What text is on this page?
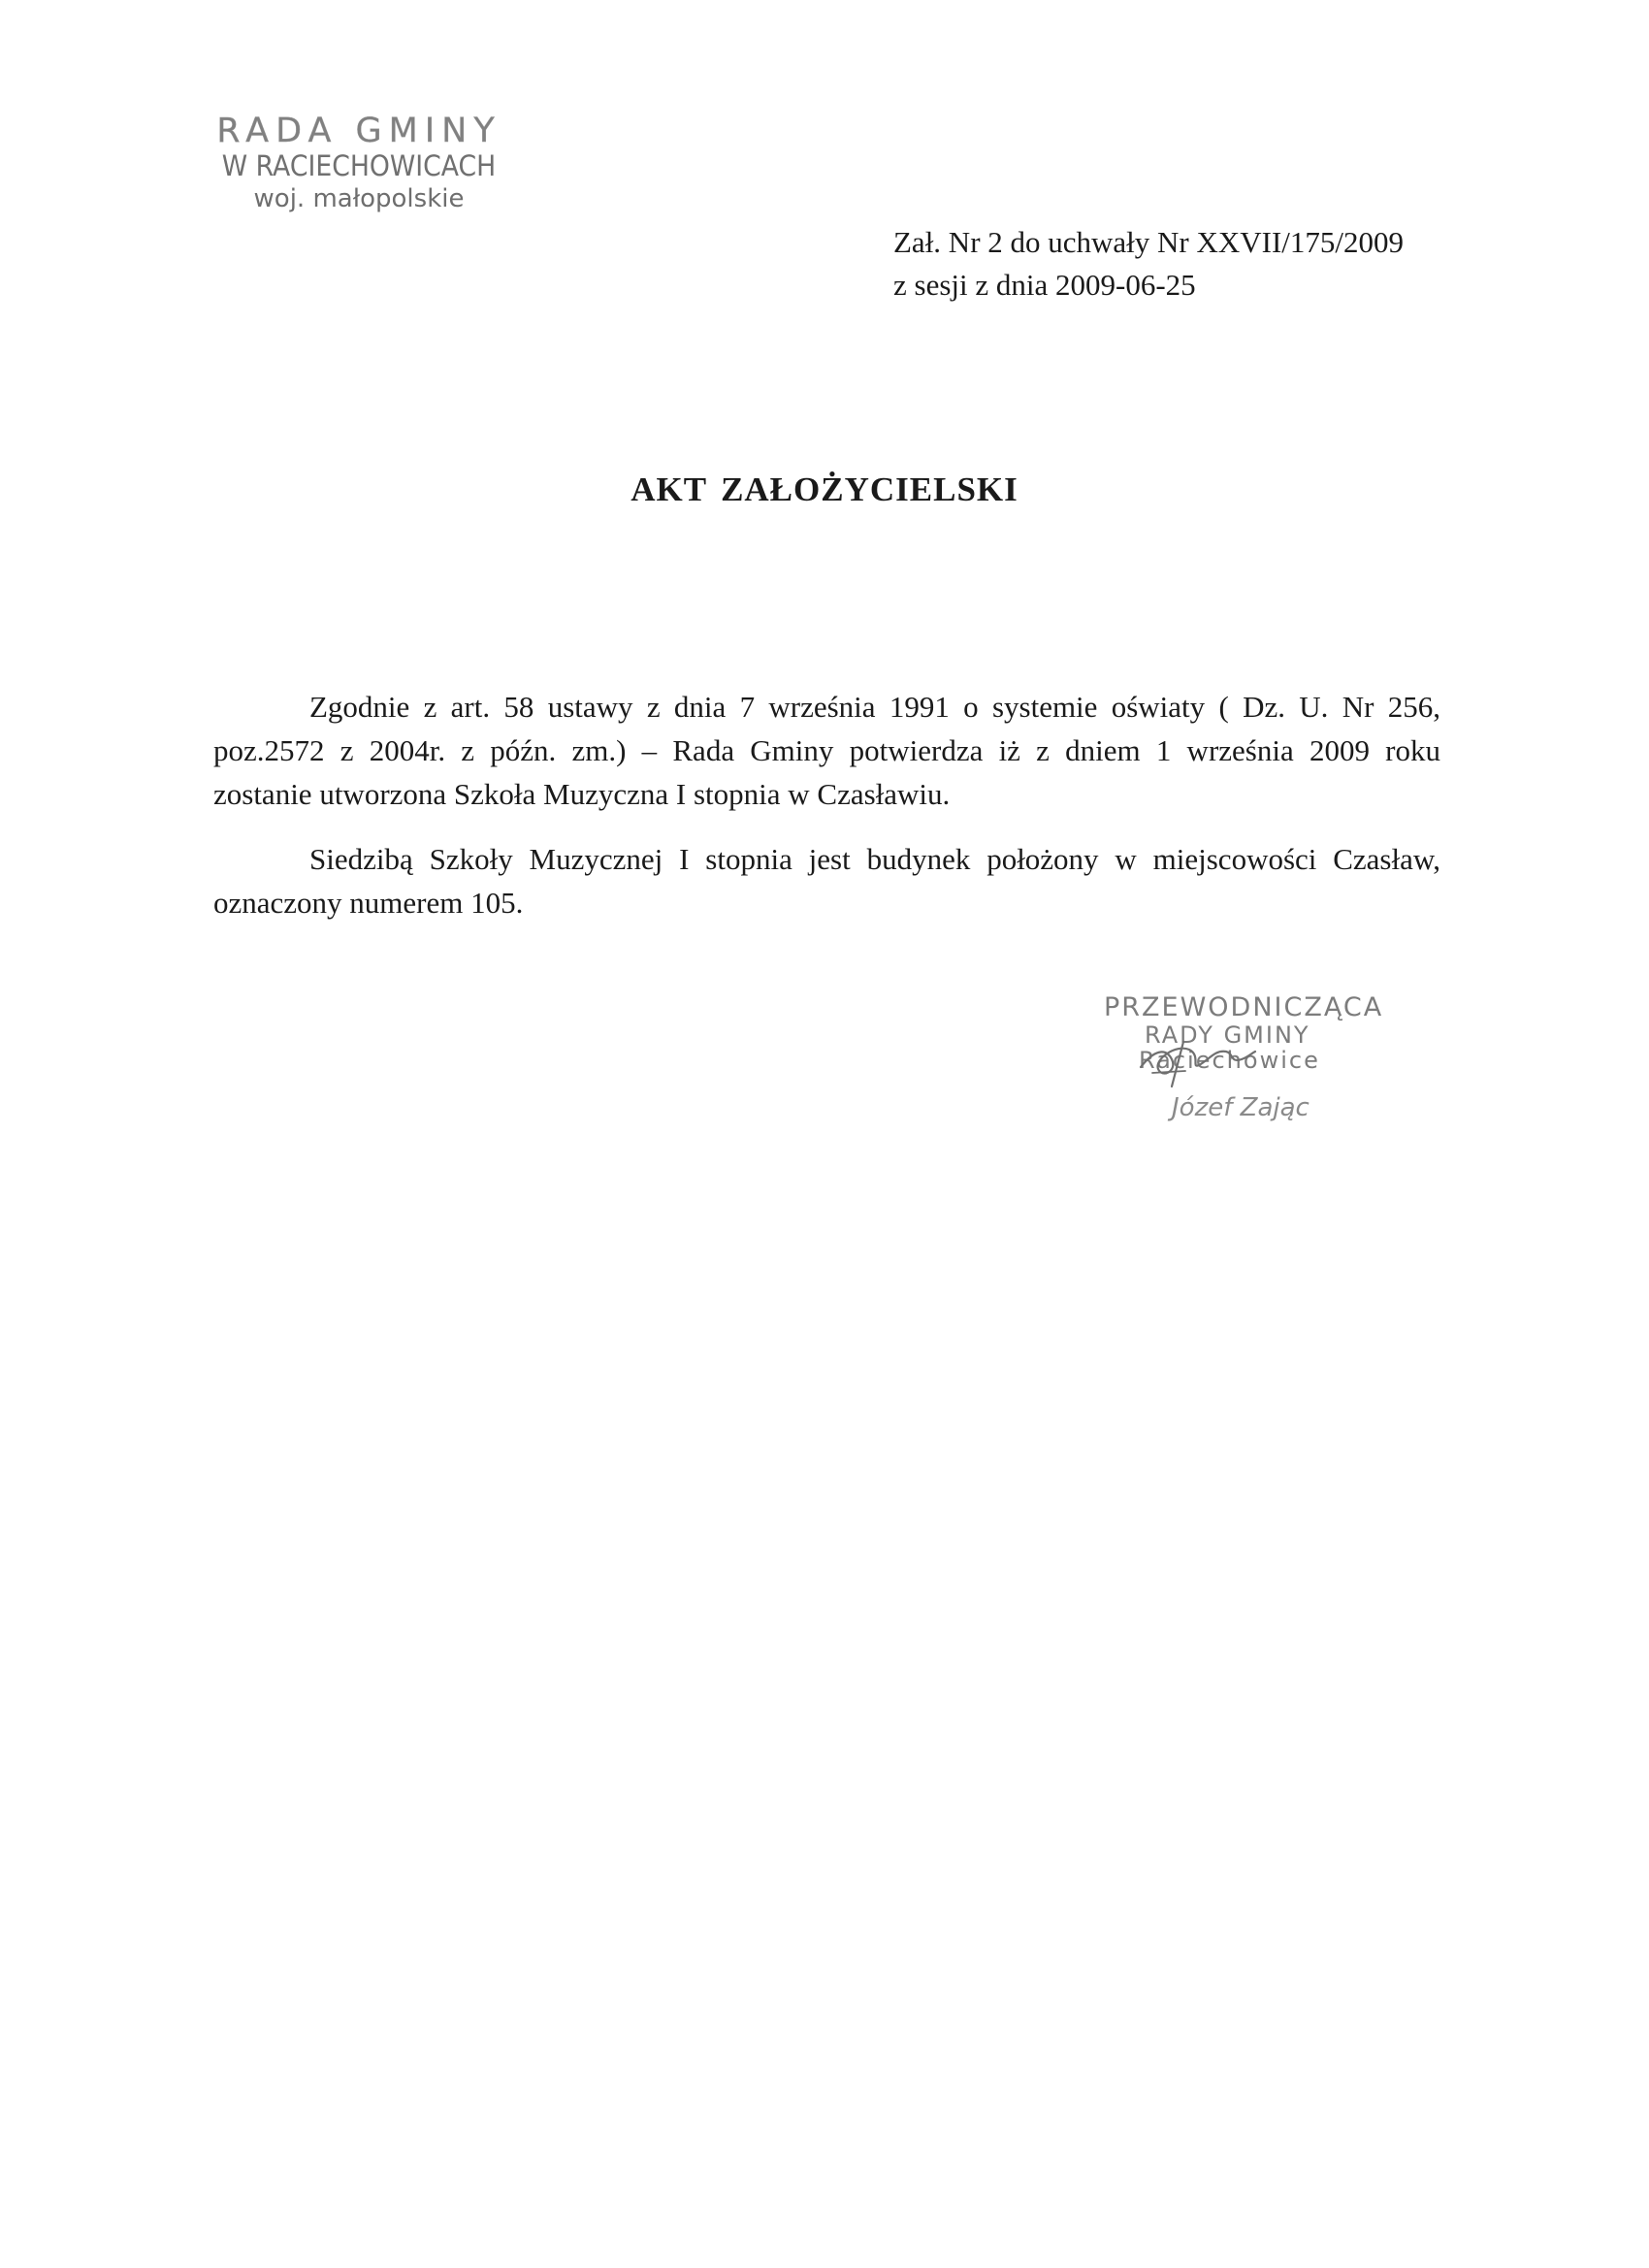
RADA GMINY
W RACIECHOWICACH
woj. małopolskie
Zał. Nr 2 do uchwały Nr XXVII/175/2009
z sesji z dnia 2009-06-25
AKT ZAŁOŻYCIELSKI
Zgodnie z art. 58 ustawy z dnia 7 września 1991 o systemie oświaty ( Dz. U. Nr 256,
poz.2572 z 2004r. z późn. zm.) – Rada Gminy potwierdza iż z dniem 1 września 2009 roku
zostanie utworzona Szkoła Muzyczna I stopnia w Czasławiu.
Siedzibą Szkoły Muzycznej I stopnia jest budynek położony w miejscowości Czasław,
oznaczony numerem 105.
PRZEWODNICZĄCA
RADY GMINY
Raciechowice
Józef Zając
